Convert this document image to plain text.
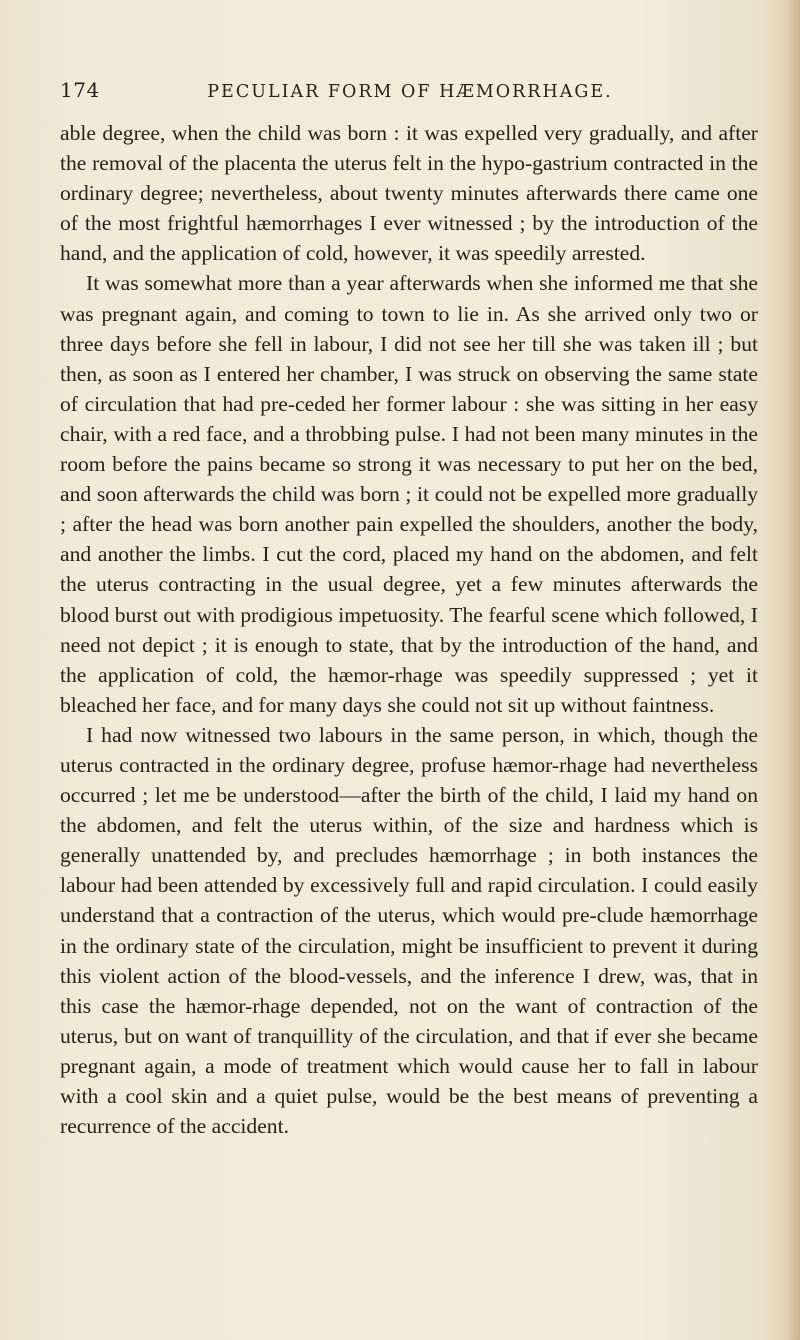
174	PECULIAR FORM OF HÆMORRHAGE.

able degree, when the child was born : it was expelled very gradually, and after the removal of the placenta the uterus felt in the hypo-gastrium contracted in the ordinary degree; nevertheless, about twenty minutes afterwards there came one of the most frightful hæmorrhages I ever witnessed ; by the introduction of the hand, and the application of cold, however, it was speedily arrested.

It was somewhat more than a year afterwards when she informed me that she was pregnant again, and coming to town to lie in. As she arrived only two or three days before she fell in labour, I did not see her till she was taken ill ; but then, as soon as I entered her chamber, I was struck on observing the same state of circulation that had pre-ceded her former labour : she was sitting in her easy chair, with a red face, and a throbbing pulse. I had not been many minutes in the room before the pains became so strong it was necessary to put her on the bed, and soon afterwards the child was born ; it could not be expelled more gradually ; after the head was born another pain expelled the shoulders, another the body, and another the limbs. I cut the cord, placed my hand on the abdomen, and felt the uterus contracting in the usual degree, yet a few minutes afterwards the blood burst out with prodigious impetuosity. The fearful scene which followed, I need not depict ; it is enough to state, that by the introduction of the hand, and the application of cold, the hæmor-rhage was speedily suppressed ; yet it bleached her face, and for many days she could not sit up without faintness.

I had now witnessed two labours in the same person, in which, though the uterus contracted in the ordinary degree, profuse hæmor-rhage had nevertheless occurred ; let me be understood—after the birth of the child, I laid my hand on the abdomen, and felt the uterus within, of the size and hardness which is generally unattended by, and precludes hæmorrhage ; in both instances the labour had been attended by excessively full and rapid circulation. I could easily understand that a contraction of the uterus, which would pre-clude hæmorrhage in the ordinary state of the circulation, might be insufficient to prevent it during this violent action of the blood-vessels, and the inference I drew, was, that in this case the hæmor-rhage depended, not on the want of contraction of the uterus, but on want of tranquillity of the circulation, and that if ever she became pregnant again, a mode of treatment which would cause her to fall in labour with a cool skin and a quiet pulse, would be the best means of preventing a recurrence of the accident.
